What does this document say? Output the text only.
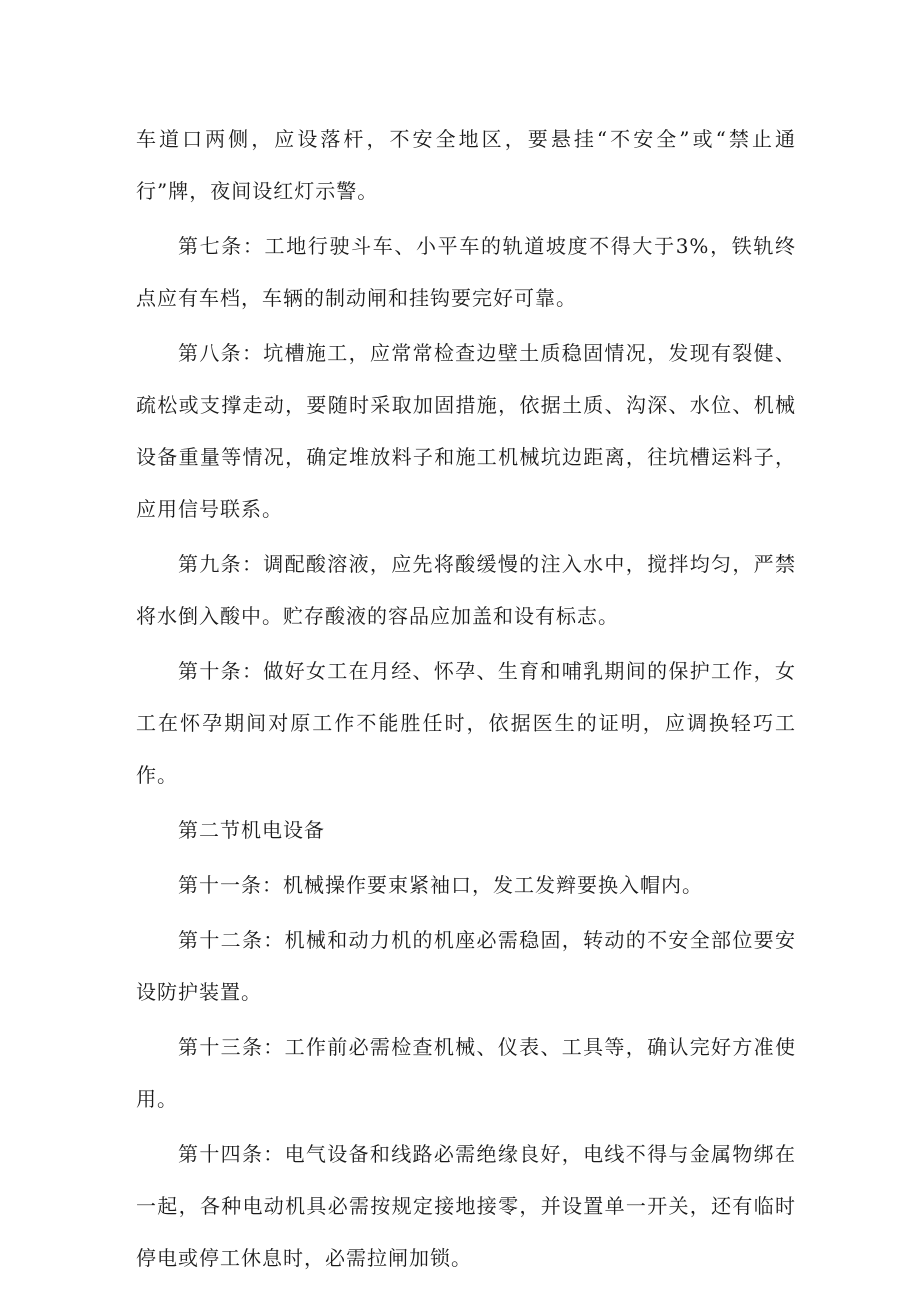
车道口两侧，应设落杆，不安全地区，要悬挂“不安全”或“禁止通行”牌，夜间设红灯示警。

第七条：工地行驶斗车、小平车的轨道坡度不得大于3%，铁轨终点应有车档，车辆的制动闸和挂钩要完好可靠。

第八条：坑槽施工，应常常检查边壁土质稳固情况，发现有裂健、疏松或支撑走动，要随时采取加固措施，依据土质、沟深、水位、机械设备重量等情况，确定堆放料子和施工机械坑边距离，往坑槽运料子，应用信号联系。

第九条：调配酸溶液，应先将酸缓慢的注入水中，搅拌均匀，严禁将水倒入酸中。贮存酸液的容品应加盖和设有标志。

第十条：做好女工在月经、怀孕、生育和哺乳期间的保护工作，女工在怀孕期间对原工作不能胜任时，依据医生的证明，应调换轻巧工作。

第二节机电设备

第十一条：机械操作要束紧袖口，发工发辫要换入帽内。

第十二条：机械和动力机的机座必需稳固，转动的不安全部位要安设防护装置。

第十三条：工作前必需检查机械、仪表、工具等，确认完好方准使用。

第十四条：电气设备和线路必需绝缘良好，电线不得与金属物绑在一起，各种电动机具必需按规定接地接零，并设置单一开关，还有临时停电或停工休息时，必需拉闸加锁。
